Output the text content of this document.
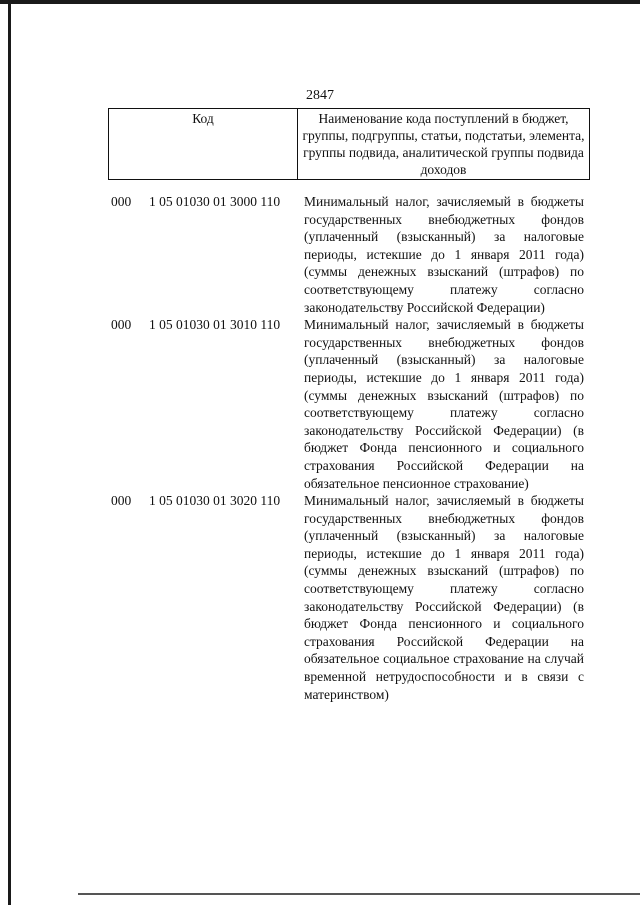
2847
Код	Наименование кода поступлений в бюджет, группы, подгруппы, статьи, подстатьи, элемента, группы подвида, аналитической группы подвида доходов
000	1 05 01030 01 3000 110	Минимальный налог, зачисляемый в бюджеты государственных внебюджетных фондов (уплаченный (взысканный) за налоговые периоды, истекшие до 1 января 2011 года) (суммы денежных взысканий (штрафов) по соответствующему платежу согласно законодательству Российской Федерации)
000	1 05 01030 01 3010 110	Минимальный налог, зачисляемый в бюджеты государственных внебюджетных фондов (уплаченный (взысканный) за налоговые периоды, истекшие до 1 января 2011 года) (суммы денежных взысканий (штрафов) по соответствующему платежу согласно законодательству Российской Федерации) (в бюджет Фонда пенсионного и социального страхования Российской Федерации на обязательное пенсионное страхование)
000	1 05 01030 01 3020 110	Минимальный налог, зачисляемый в бюджеты государственных внебюджетных фондов (уплаченный (взысканный) за налоговые периоды, истекшие до 1 января 2011 года) (суммы денежных взысканий (штрафов) по соответствующему платежу согласно законодательству Российской Федерации) (в бюджет Фонда пенсионного и социального страхования Российской Федерации на обязательное социальное страхование на случай временной нетрудоспособности и в связи с материнством)
